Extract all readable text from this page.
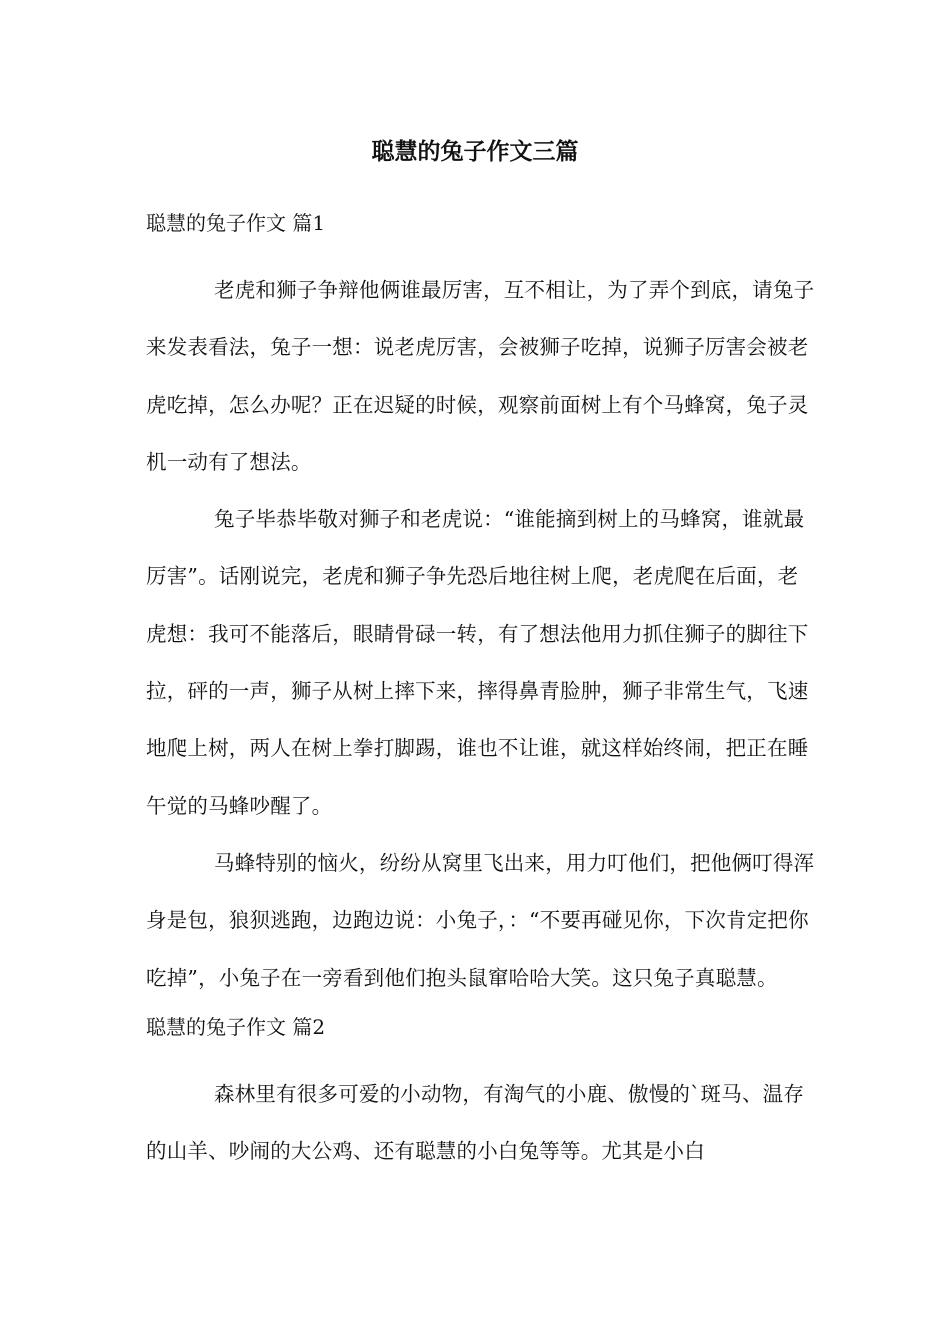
聪慧的兔子作文三篇
聪慧的兔子作文 篇1

老虎和狮子争辩他俩谁最厉害，互不相让，为了弄个到底，请兔子来发表看法，兔子一想：说老虎厉害，会被狮子吃掉，说狮子厉害会被老虎吃掉，怎么办呢？正在迟疑的时候，观察前面树上有个马蜂窝，兔子灵机一动有了想法。

兔子毕恭毕敬对狮子和老虎说：“谁能摘到树上的马蜂窝，谁就最厉害”。话刚说完，老虎和狮子争先恐后地往树上爬，老虎爬在后面，老虎想：我可不能落后，眼睛骨碌一转，有了想法他用力抓住狮子的脚往下拉，砰的一声，狮子从树上摔下来，摔得鼻青脸肿，狮子非常生气，飞速地爬上树，两人在树上拳打脚踢，谁也不让谁，就这样始终闹，把正在睡午觉的马蜂吵醒了。

马蜂特别的恼火，纷纷从窝里飞出来，用力叮他们，把他俩叮得浑身是包，狼狈逃跑，边跑边说：小兔子，：“不要再碰见你，下次肯定把你吃掉”，小兔子在一旁看到他们抱头鼠窜哈哈大笑。这只兔子真聪慧。

聪慧的兔子作文 篇2

森林里有很多可爱的小动物，有淘气的小鹿、傲慢的`斑马、温存的山羊、吵闹的大公鸡、还有聪慧的小白兔等等。尤其是小白
